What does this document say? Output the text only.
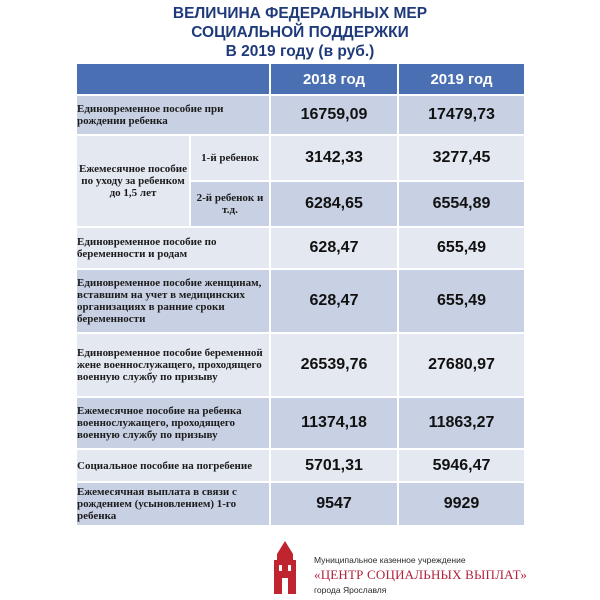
ВЕЛИЧИНА ФЕДЕРАЛЬНЫХ МЕР
СОЦИАЛЬНОЙ ПОДДЕРЖКИ
В 2019 году (в руб.)
		2018 год	2019 год
Единовременное пособие при рождении ребенка		16759,09	17479,73
Ежемесячное пособие по уходу за ребенком до 1,5 лет	1-й ребенок	3142,33	3277,45
	2-й ребенок и т.д.	6284,65	6554,89
Единовременное пособие по беременности и родам		628,47	655,49
Единовременное пособие женщинам, вставшим на учет в медицинских организациях в ранние сроки беременности		628,47	655,49
Единовременное пособие беременной жене военнослужащего, проходящего военную службу по призыву		26539,76	27680,97
Ежемесячное пособие на ребенка военнослужащего, проходящего военную службу по призыву		11374,18	11863,27
Социальное пособие на погребение		5701,31	5946,47
Ежемесячная выплата в связи с рождением (усыновлением) 1-го ребенка		9547	9929
Муниципальное казенное учреждение
«ЦЕНТР СОЦИАЛЬНЫХ ВЫПЛАТ»
города Ярославля
